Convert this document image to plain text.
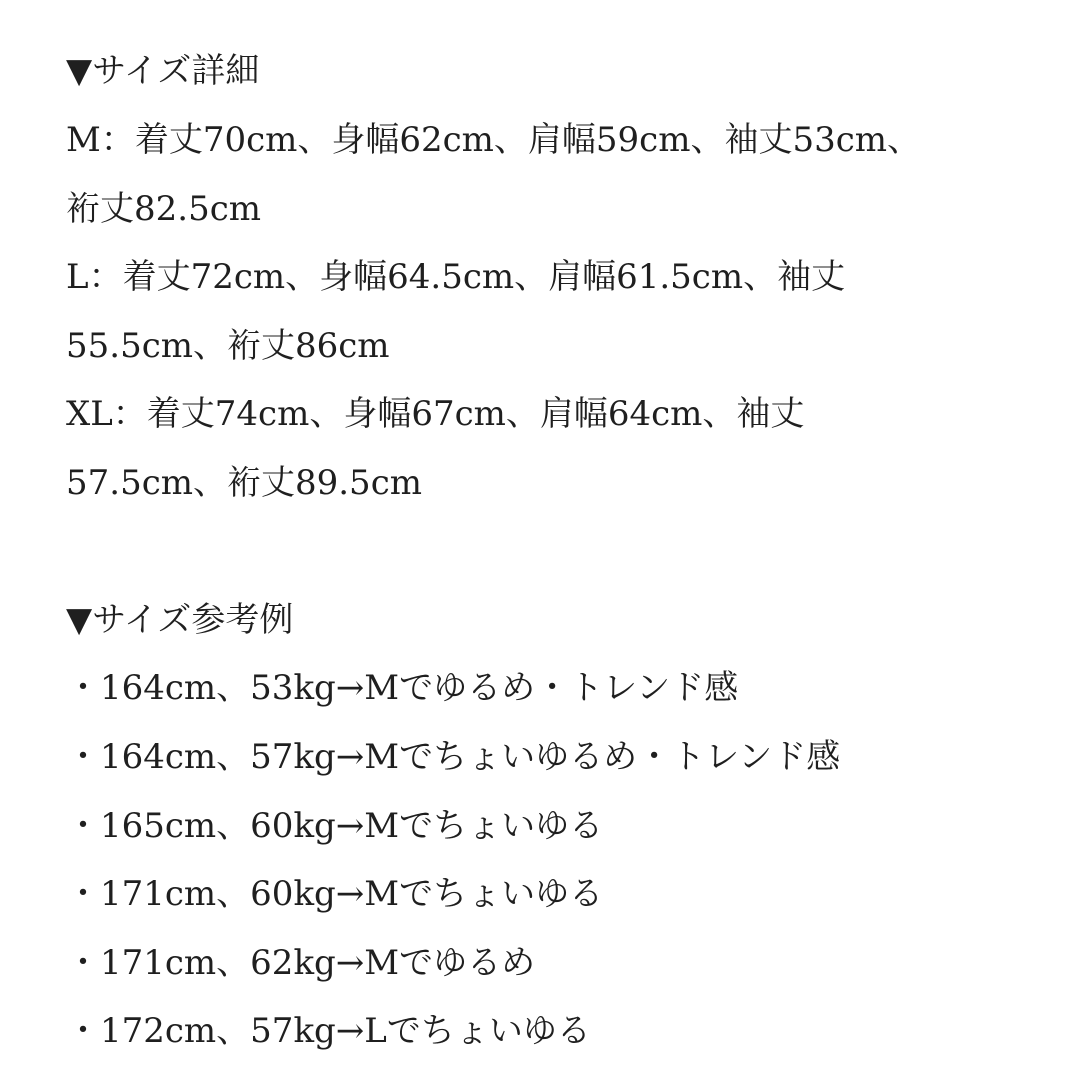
▼サイズ詳細
M：着丈70cm、身幅62cm、肩幅59cm、袖丈53cm、
裄丈82.5cm
L：着丈72cm、身幅64.5cm、肩幅61.5cm、袖丈
55.5cm、裄丈86cm
XL：着丈74cm、身幅67cm、肩幅64cm、袖丈
57.5cm、裄丈89.5cm
▼サイズ参考例
・164cm、53kg→Mでゆるめ・トレンド感
・164cm、57kg→Mでちょいゆるめ・トレンド感
・165cm、60kg→Mでちょいゆる
・171cm、60kg→Mでちょいゆる
・171cm、62kg→Mでゆるめ
・172cm、57kg→Lでちょいゆる
